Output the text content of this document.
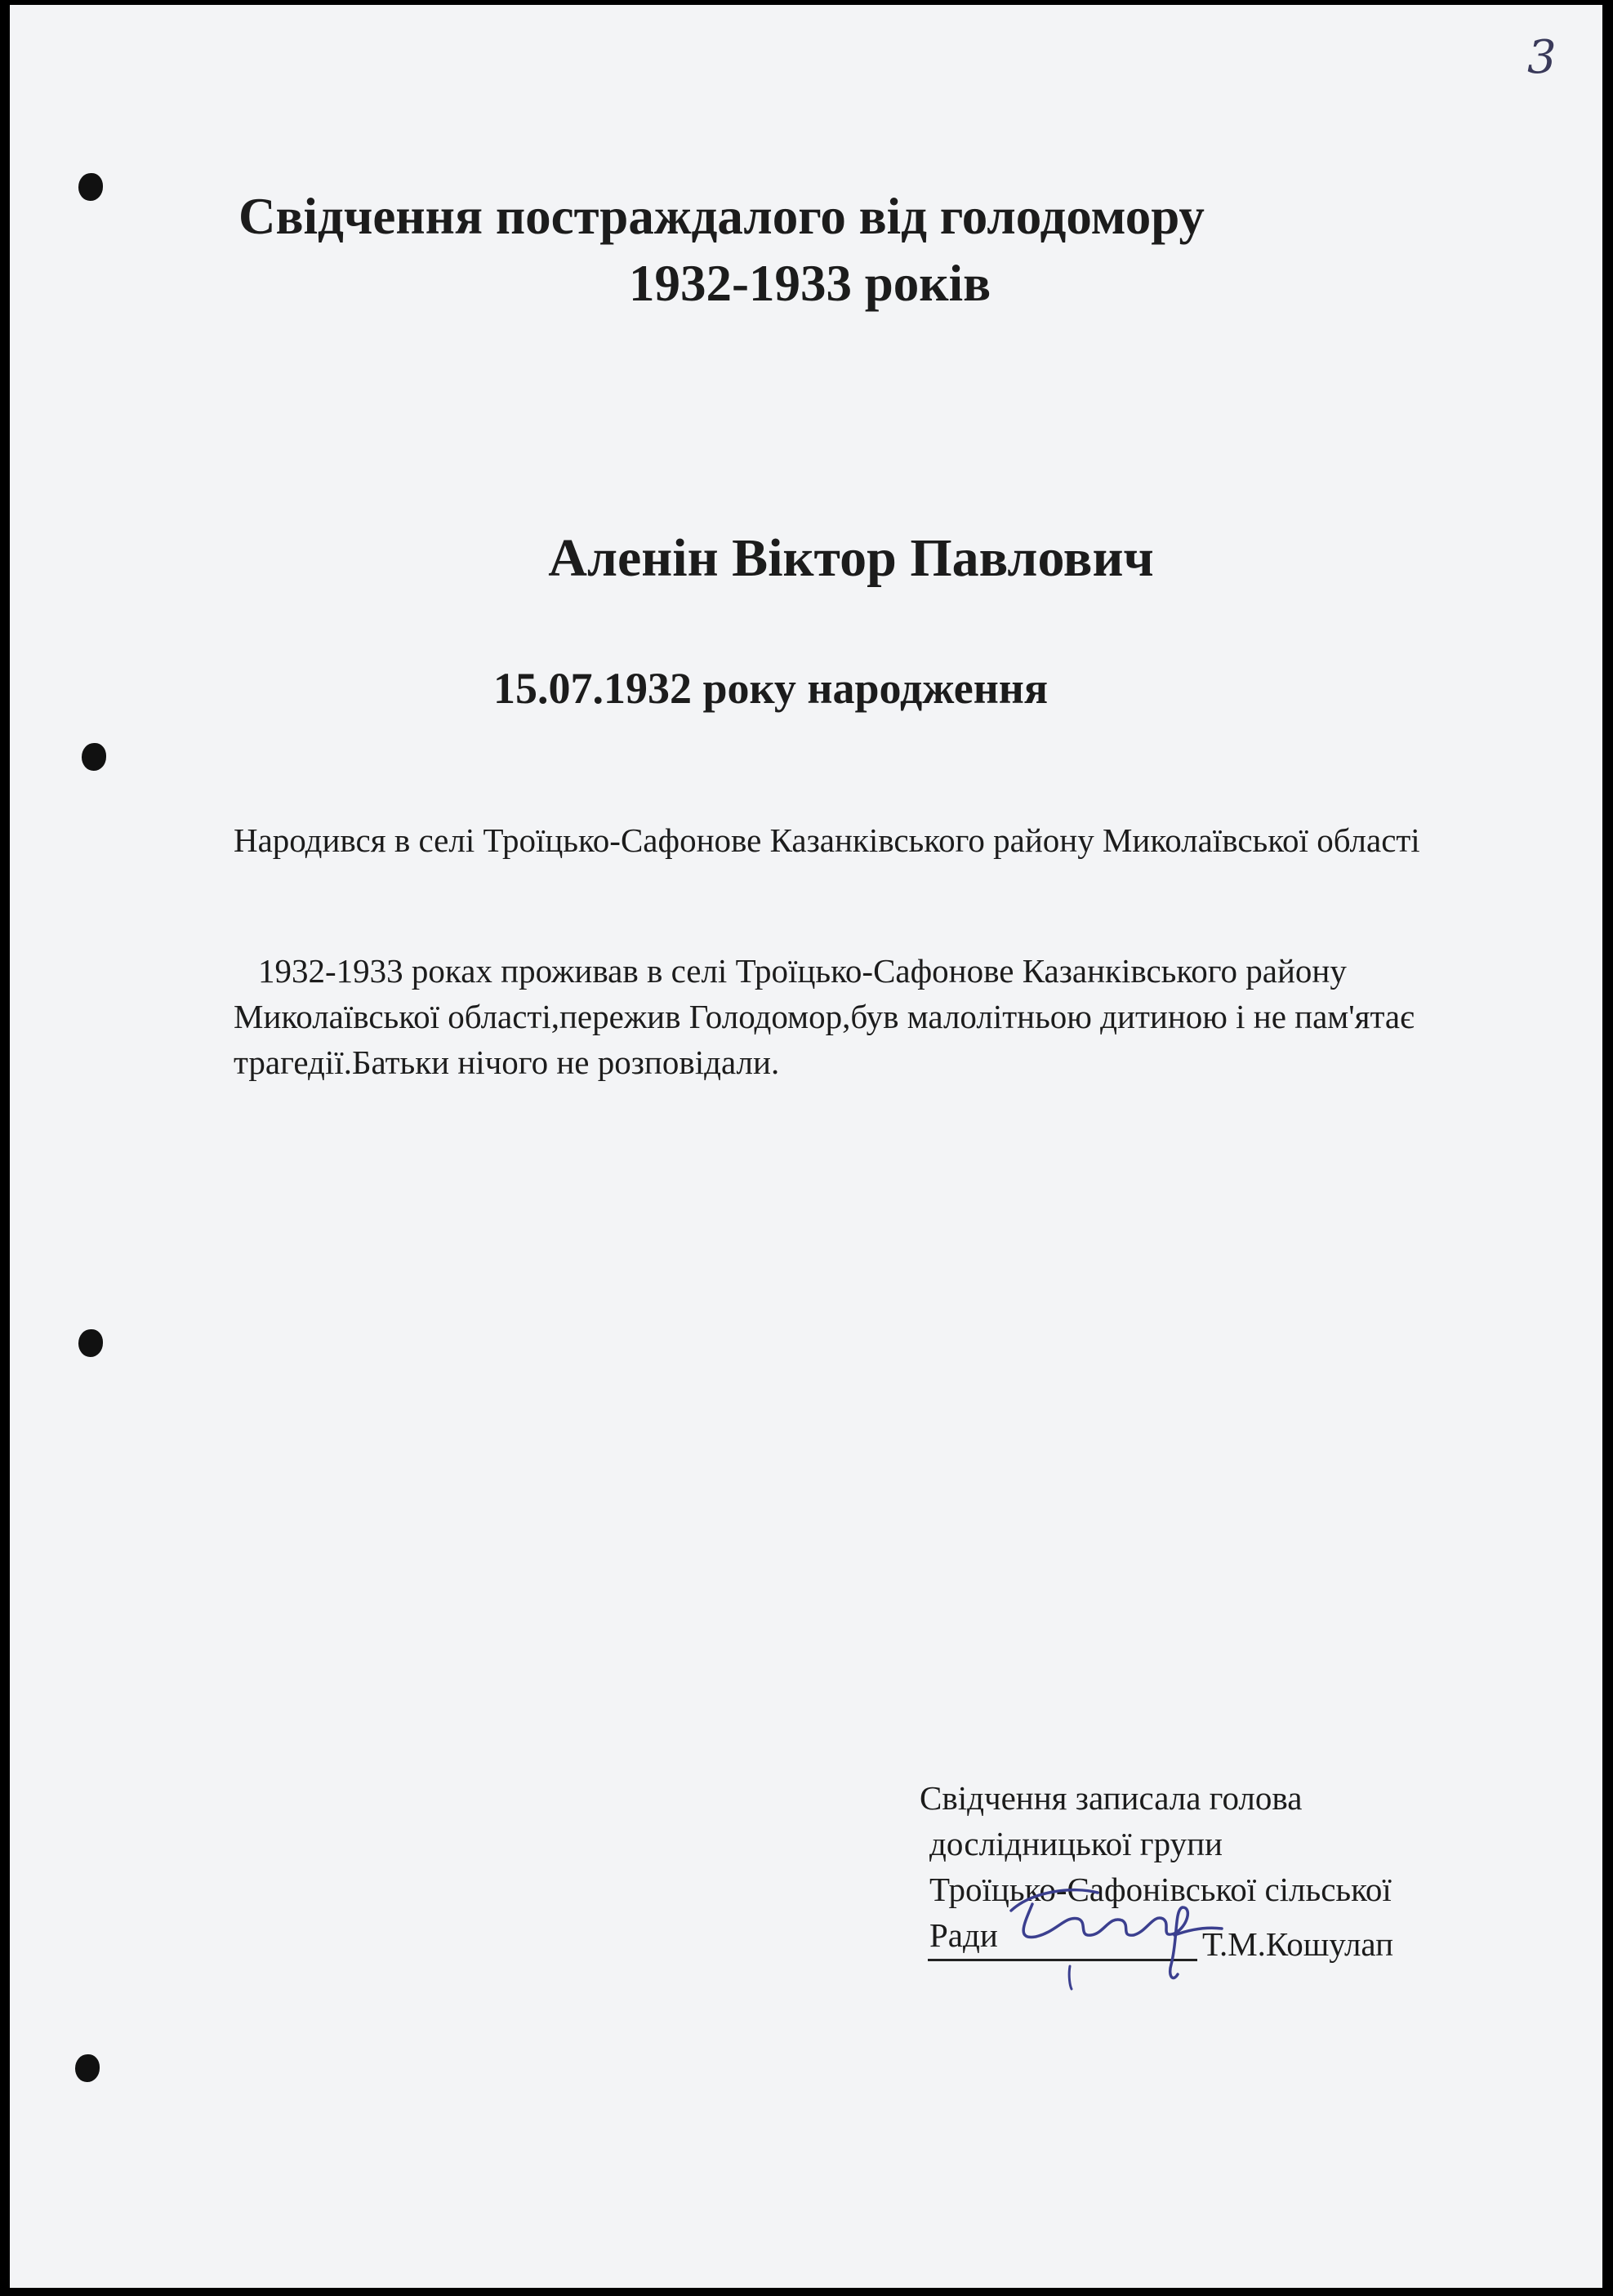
3

Свідчення постраждалого від голодомору
1932-1933 років
Аленін Віктор Павлович
15.07.1932 року народження

Народився в селі Троїцько-Сафонове Казанківського району Миколаївської області

1932-1933 роках проживав в селі Троїцько-Сафонове Казанківського району Миколаївської області,пережив Голодомор,був малолітньою дитиною і не пам'ятає трагедії.Батьки нічого не розповідали.

Свідчення записала голова
дослідницької групи
Троїцько-Сафонівської сільської
Ради	Т.М.Кошулап
